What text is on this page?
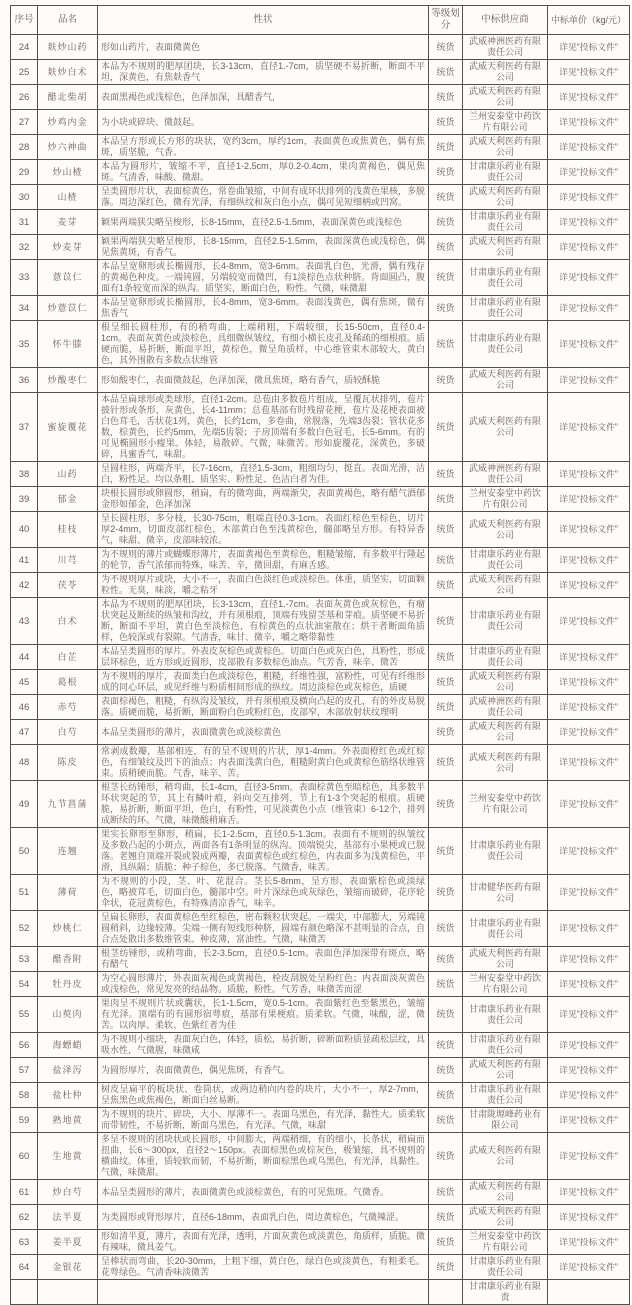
序号	品名	性状	等级划分	中标供应商	中标单价（kg/元）
24	麸炒山药	形如山药片，表面微黄色	统货	武威神洲医药有限责任公司	详见“投标文件”
25	麸炒白术	本品为不规则的肥厚团块，长3-13cm，直径1.-7cm，质坚硬不易折断，断面不平坦，深黄色，有焦麸香气	统货	武威天利医药有限公司	详见“投标文件”
26	醋北柴胡	表面黑褐色或浅棕色，色泽加深，具醋香气，	统货	武威天利医药有限公司	详见“投标文件”
27	炒鸡内金	为小块或碎块、微鼓起。	统货	兰州安泰堂中药饮片有限公司	详见“投标文件”
28	炒六神曲	本品呈方形或长方形的块状，宽约3cm，厚约1cm，表面黄色或焦黄色，偶有焦斑，质坚脆，气香。	统货	武威天利医药有限公司	详见“投标文件”
29	炒山楂	本品为圆形片，皱缩不平，直径1-2.5cm，厚0.2-0.4cm，果肉黄褐色，偶见焦斑。气清香，味酸、微甜。	统货	甘肃康乐药业有限责任公司	详见“投标文件”
30	山楂	呈类圆形片状，表面棕黄色，常卷曲皱缩，中间有成环状排列的浅黄色果核，多脱落。周边深红色，微有光泽，有细纵纹和灰白色小点，偶可见短细柄或凹窝。	统货	武威天利医药有限公司	详见“投标文件”
31	麦芽	颖果两端狭尖略呈梭形，长8-15mm，直径2.5-1.5mm，表面深黄色或浅棕色	统货	甘肃康乐药业有限责任公司	详见“投标文件”
32	炒麦芽	颖果两端狭尖略呈梭形，长8-15mm，直径2.5-1.5mm，表面深黄色或浅棕色，偶见焦黄斑，有香气。	统货	武威天利医药有限公司	详见“投标文件”
33	薏苡仁	本品呈宽卵形或长椭圆形，长4-8mm，宽3-6mm。表面乳白色，光滑，偶有残存的黄褐色种皮。一端钝圆，另端较宽而微凹，有1淡棕色点状种脐。背面圆凸，腹面有1条较宽而深的纵沟。质坚实，断面白色，粉性。气微，味微甜	统货	甘肃康乐药业有限责任公司	详见“投标文件”
34	炒薏苡仁	本品呈宽卵形或长椭圆形，长4-8mm，宽3-6mm。表面浅黄色，偶有焦斑，微有焦香气	统货	甘肃康乐药业有限责任公司	详见“投标文件”
35	怀牛膝	根呈细长圆柱形，有的稍弯曲，上端稍粗，下端较细，长15-50cm，直径0.4-1cm。表面灰黄色或淡棕色，具细微纵皱纹，有细小横长皮孔及稀疏的细根痕。质硬而脆，易折断，断面平坦，黄棕色，微呈角质样，中心维管束木部较大，黄白色，其外围散有多数点状维管	统货	甘肃康乐药业有限责任公司	详见“投标文件”
36	炒酸枣仁	形如酸枣仁，表面微鼓起，色泽加深，微具焦斑，略有香气，质较酥脆	统货	武威天利医药有限公司	详见“投标文件”
37	蜜旋覆花	本品呈扁球形或类球形，直径1-2cm。总苞由多数苞片组成，呈覆瓦状排列，苞片披针形或条形，灰黄色，长4-11mm；总苞基部有时残留花梗，苞片及花梗表面被白色茸毛，舌状花1列，黄色，长约1cm，多卷曲，常脱落，先端3齿裂；管状花多数，棕黄色，长约5mm，先端5齿裂；子房顶端有多数白色冠毛，长5-6mm。有的可见椭圆形小瘦果。体轻，易散碎。气微，味微苦。形如旋覆花，深黄色，多破碎，具蜜香气，味甜。	统货	武威天利医药有限公司	详见“投标文件”
38	山药	呈圆柱形，两端齐平，长7-16cm，直径1.5-3cm，粗细均匀，挺直。表面光滑，洁白，粉性足。均以条粗、质坚实、粉性足、色洁白者为佳。	统货	武威神洲医药有限责任公司	详见“投标文件”
39	郁金	块根长圆形或卵圆形，稍扁，有的微弯曲，两端渐尖，表面黄褐色，略有醋气酒郁金形如郁金，色泽加深	统货	兰州安泰堂中药饮片有限公司	详见“投标文件”
40	桂枝	呈长圆柱形，多分枝，长30-75cm，粗端直径0.3-1cm。表面红棕色至棕色，切片厚2-4mm，切面皮部红棕色，木部黄白色至浅黄棕色，髓部略呈方形。有特异香气，味甜、微辛，皮部味较浓。	统货	武威天利医药有限公司	详见“投标文件”
41	川芎	为不规则的薄片或蝴蝶形薄片，表面黄褐色至黄棕色，粗糙皱缩，有多数平行隆起的轮节，香气浓郁而特殊，味苦、辛，微回甜，有麻舌感。	统货	甘肃康乐药业有限责任公司	详见“投标文件”
42	茯苓	为不规则厚片或块，大小不一，表面白色淡红色或淡棕色。体重，质坚实，切面颗粒性。无臭，味淡，嚼之粘牙	统货	武威天利医药有限公司	详见“投标文件”
43	白术	本品为不规则的肥厚团块，长3-13cm，直径1.-7cm。表面灰黄色或灰棕色，有瘤状突起及断续的纵皱和沟纹，并有须根痕，顶端有残留茎基和芽痕。质坚硬不易折断，断面不平坦，黄白色至淡棕色，有棕黄色的点状油室散在；烘干者断面角质样，色较深或有裂隙。气清香，味甘、微辛，嚼之略带黏性	统货	甘肃康乐药业有限责任公司	详见“投标文件”
44	白芷	本品呈类圆形的厚片。外表皮灰棕色或黄棕色。切面白色或灰白色，具粉性，形成层环棕色，近方形或近圆形，皮部散有多数棕色油点。气芳香，味辛、微苦	统货	甘肃康乐药业有限责任公司	详见“投标文件”
45	葛根	为不规则的厚片，表面类白色或淡棕色，粗糙，纤维性强，富粉性，可见有纤维形成的同心环层，或见纤维与粉质相间形成的纵纹。周边淡棕色或灰棕色，质硬	统货	武威天利医药有限公司	详见“投标文件”
46	赤芍	表面棕褐色，粗糙，有纵沟及皱纹，并有须根痕及横向凸起的皮孔，有的外皮易脱落。质硬而脆，易折断，断面粉白色或粉红色，皮部窄，木部放射状纹理明	统货	武威神洲医药有限责任公司	详见“投标文件”
47	白芍	本品呈类圆形的薄片，表面微黄色或淡棕黄色	统货	武威天利医药有限公司	详见“投标文件”
48	陈皮	常剥成数瓣，基部相连，有的呈不规则的片状，厚1-4mm。外表面橙红色或红棕色，有细皱纹及凹下的油点；内表面浅黄白色，粗糙附黄白色或黄棕色筋络状维管束。质稍硬而脆。气香，味辛、苦。	统货	武威天利医药有限公司	详见“投标文件”
49	九节菖蒲	根茎长纺锤形，稍弯曲，长1-4cm，直径3-5mm。表面棕黄色至暗棕色，具多数半环状突起的节，其上有鳞叶痕，斜向交互排列，节上有1-3个突起的根痕。质硬脆，易折断，断面平坦，色白，有粉性，可见淡黄色小点（维管束）6-12个，排列成断续的环。气微，味微酸稍麻舌。	统货	兰州安泰堂中药饮片有限公司	详见“投标文件”
50	连翘	果实长卵形至卵形，稍扁，长1-2.5cm，直径0.5-1.3cm。表面有不规则的纵皱纹及多数凸起的小斑点，两面各有1条明显的纵沟。顶端锐尖，基部有小果梗或已脱落。老翘自顶端开裂或裂成两瓣，表面黄棕色或红棕色，内表面多为浅黄棕色，平滑，具纵隔；质脆；种子棕色，多已脱落。气微香，味苦。	统货	甘肃康乐药业有限责任公司	详见“投标文件”
51	薄荷	为不规则的小段，茎、叶、花混合。茎长5-8mm，呈方形，表面紫棕色或淡绿色，略被茸毛，切面白色，髓部中空。叶片深绿色或灰绿色，皱缩而破碎，花序轮伞状，花冠黄棕色，有特殊清凉香气，味辛。	统货	甘肃健华医药有限公司	详见“投标文件”
52	炒桃仁	呈扁长卵形，表面黄棕色至红棕色，密布颗粒状突起。一端尖，中部膨大，另端钝圆稍斜，边缘较薄。尖端一侧有短线形种脐，圆端有颜色略深不甚明显的合点，自合点处散出多数维管束。种皮薄，富油性。气微，味微苦	统货	甘肃康乐药业有限责任公司	详见“投标文件”
53	醋香附	根茎纺锤形，或稍弯曲，长2-3.5cm，直径0.5-1cm。表面色泽加深带有斑点，略有醋气	统货	武威天利医药有限公司	详见“投标文件”
54	牡丹皮	为空心圆形薄片，外表面灰褐色或黄褐色，栓皮刮脱处呈粉红色；内表面淡灰黄色或浅棕色，常见发亮的结晶物。质脆，粉性。气芳香，味微苦而涩	统货	兰州安泰堂中药饮片有限公司	详见“投标文件”
55	山萸肉	果肉呈不规则片状或囊状，长1-1.5cm，宽0.5-1cm。表面紫红色至紫黑色，皱缩有光泽。顶端有的有圆形宿萼痕，基部有果梗痕。质柔软。气微，味酸，涩，微苦。以肉厚、柔软、色紫红者为佳	统货	甘肃康乐药业有限责任公司	详见“投标文件”
56	海螵蛸	为不规则小细块，表面灰白色，体轻，质松，易折断，碎断面粉质显疏松层纹，具吸水性，气微腥，味微咸	统货	甘肃康乐药业有限责任公司	详见“投标文件”
57	盐泽泻	为圆形厚片，表面微黄色，偶见焦斑，有香气。	统货	武威天利医药有限公司	详见“投标文件”
58	盐杜仲	树皮呈扁平的板块状、卷筒状，或两边稍向内卷的块片，大小不一，厚2-7mm，呈焦黑色或焦褐色，断面白丝易断。	统货	甘肃康乐药业有限责任公司	详见“投标文件”
59	熟地黄	为不规则的块片、碎块，大小、厚薄不一。表面乌黑色，有光泽，黏性大。质柔软而带韧性，不易折断，断面乌黑色，有光泽。气微，味甜	统货	甘肃陇塬峰药业有限公司	详见“投标文件”
60	生地黄	多呈不规则的团块状或长圆形，中间膨大，两端稍细，有的细小，长条状，稍扁而扭曲，长6～300px，直径2～150px。表面棕黑色或棕灰色，极皱缩，具不规则的横曲纹。体重，质较软而韧，不易折断，断面棕黑色或乌黑色，有光泽，具黏性。气微，味微甜。	统货	武威天利医药有限公司	详见“投标文件”
61	炒白芍	本品呈类圆形的薄片，表面微黄色或淡棕黄色，有的可见焦斑。气微香。	统货	武威天利医药有限公司	详见“投标文件”
62	法半夏	为类圆形或肾形厚片，直径6-18mm，表面乳白色，周边黄棕色，气微辣涩。	统货	武威天利医药有限公司	详见“投标文件”
63	姜半夏	形如清半夏，薄片，表面有光泽，透明，片面灰黄色或淡黄色，角质样，质脆。微有辣味，微具姜气。	统货	兰州安泰堂中药饮片有限公司	详见“投标文件”
64	金银花	呈棒状而弯曲，长20-30mm，上粗下细，黄白色，绿白色或淡黄色，有粗柔毛。花萼绿色。气清香味淡微苦	统货	甘肃康乐药业有限责任公司	详见“投标文件”
				甘肃康乐药业有限责	
